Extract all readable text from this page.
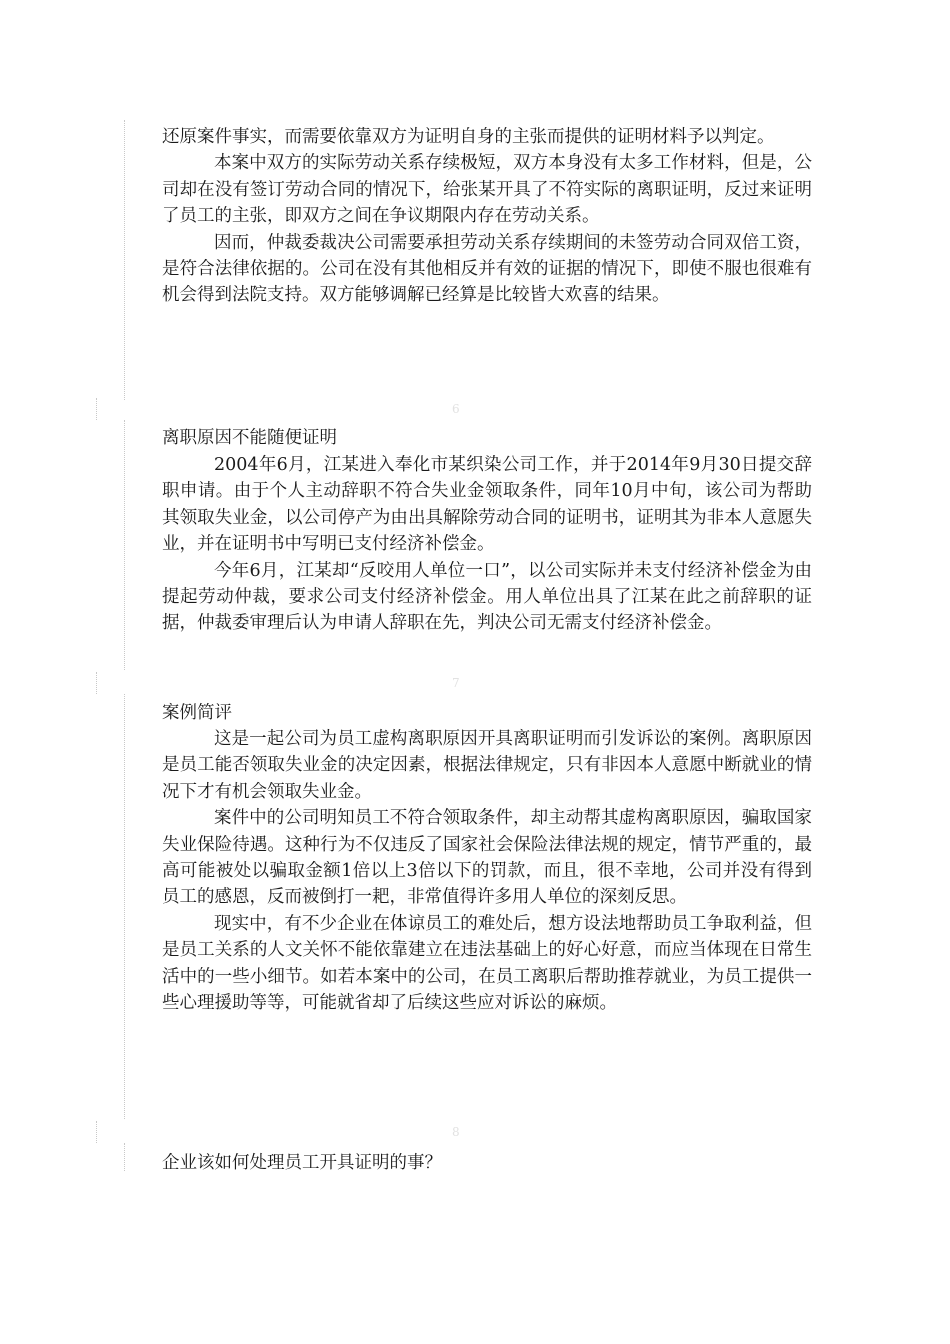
6
7
8

还原案件事实，而需要依靠双方为证明自身的主张而提供的证明材料予以判定。

本案中双方的实际劳动关系存续极短，双方本身没有太多工作材料，但是，公司却在没有签订劳动合同的情况下，给张某开具了不符实际的离职证明，反过来证明了员工的主张，即双方之间在争议期限内存在劳动关系。

因而，仲裁委裁决公司需要承担劳动关系存续期间的未签劳动合同双倍工资，是符合法律依据的。公司在没有其他相反并有效的证据的情况下，即使不服也很难有机会得到法院支持。双方能够调解已经算是比较皆大欢喜的结果。

离职原因不能随便证明

2004年6月，江某进入奉化市某织染公司工作，并于2014年9月30日提交辞职申请。由于个人主动辞职不符合失业金领取条件，同年10月中旬，该公司为帮助其领取失业金，以公司停产为由出具解除劳动合同的证明书，证明其为非本人意愿失业，并在证明书中写明已支付经济补偿金。

今年6月，江某却“反咬用人单位一口”，以公司实际并未支付经济补偿金为由提起劳动仲裁，要求公司支付经济补偿金。用人单位出具了江某在此之前辞职的证据，仲裁委审理后认为申请人辞职在先，判决公司无需支付经济补偿金。

案例简评

这是一起公司为员工虚构离职原因开具离职证明而引发诉讼的案例。离职原因是员工能否领取失业金的决定因素，根据法律规定，只有非因本人意愿中断就业的情况下才有机会领取失业金。

案件中的公司明知员工不符合领取条件，却主动帮其虚构离职原因，骗取国家失业保险待遇。这种行为不仅违反了国家社会保险法律法规的规定，情节严重的，最高可能被处以骗取金额1倍以上3倍以下的罚款，而且，很不幸地，公司并没有得到员工的感恩，反而被倒打一耙，非常值得许多用人单位的深刻反思。

现实中，有不少企业在体谅员工的难处后，想方设法地帮助员工争取利益，但是员工关系的人文关怀不能依靠建立在违法基础上的好心好意，而应当体现在日常生活中的一些小细节。如若本案中的公司，在员工离职后帮助推荐就业，为员工提供一些心理援助等等，可能就省却了后续这些应对诉讼的麻烦。

企业该如何处理员工开具证明的事？
